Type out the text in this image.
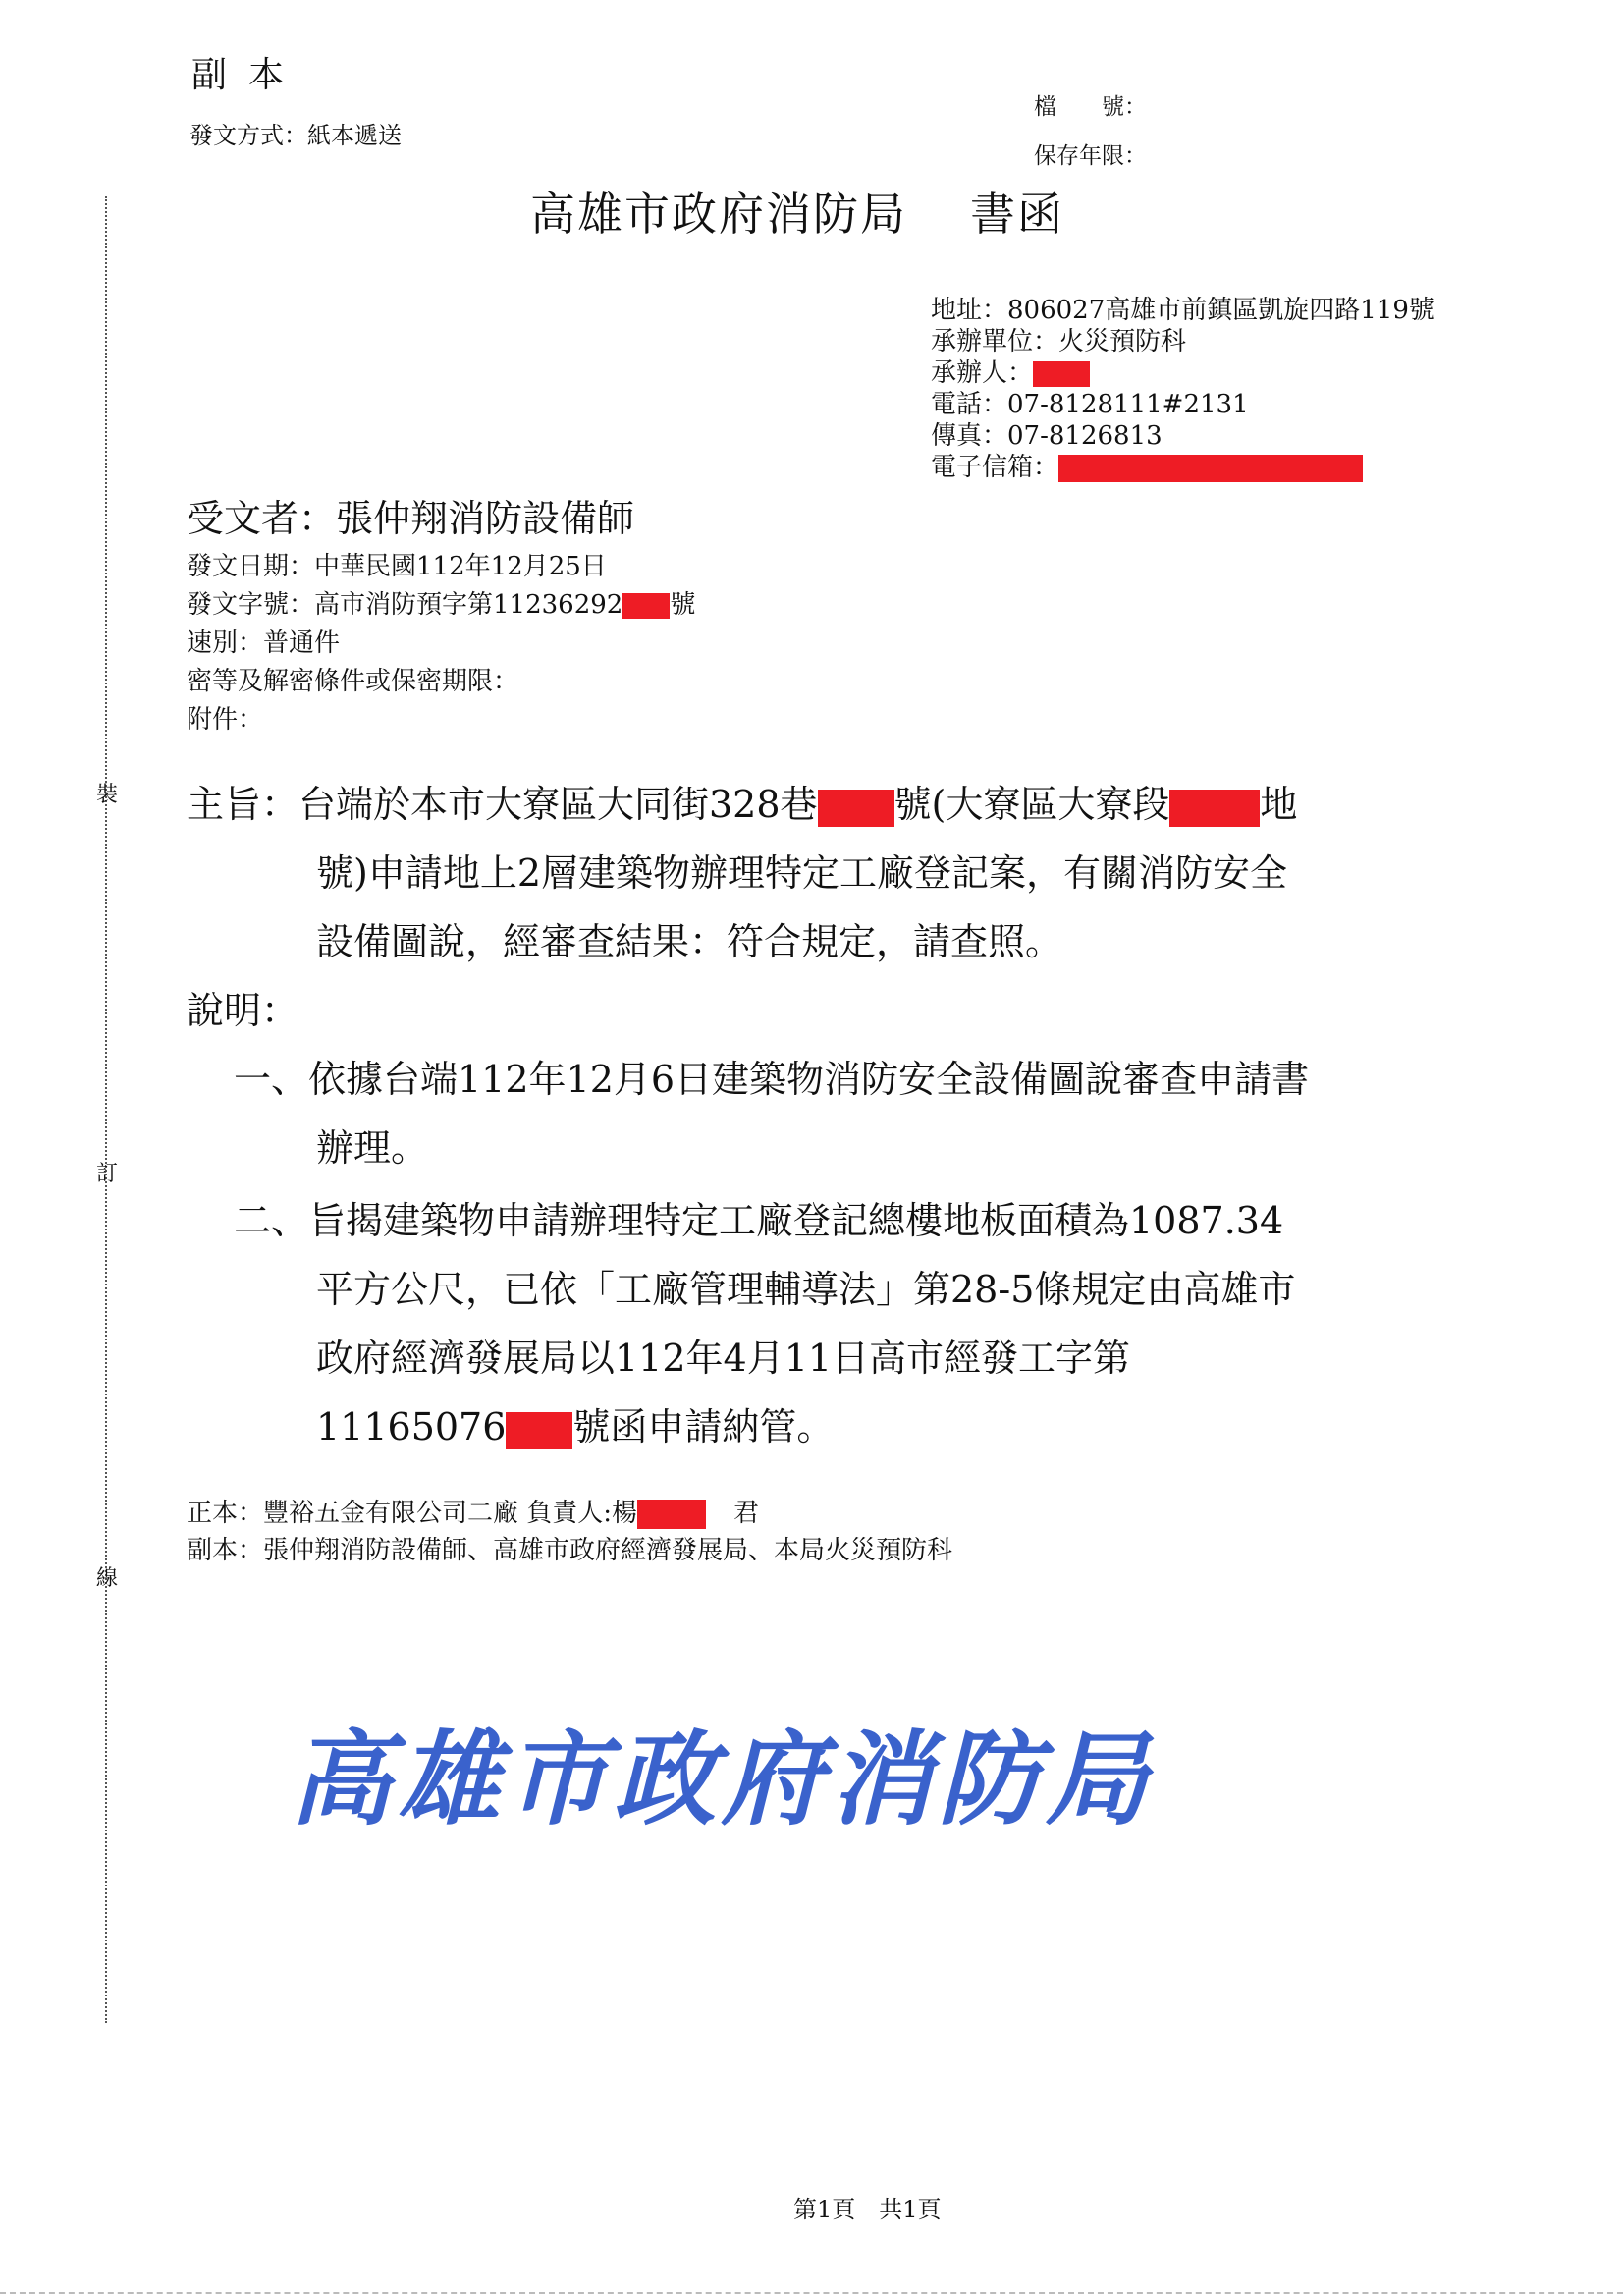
裝
訂
線
副本
發文方式：紙本遞送
檔　　號：
保存年限：
高雄市政府消防局 書函
地址：806027高雄市前鎮區凱旋四路119號
承辦單位：火災預防科
承辦人：
電話：07-8128111#2131
傳真：07-8126813
電子信箱：
受文者：張仲翔消防設備師
發文日期：中華民國112年12月25日
發文字號：高市消防預字第11236292 號
速別：普通件
密等及解密條件或保密期限：
附件：
主旨：台端於本市大寮區大同街328巷 號(大寮區大寮段 地
號)申請地上2層建築物辦理特定工廠登記案，有關消防安全
設備圖說，經審查結果：符合規定，請查照。
說明：
一、依據台端112年12月6日建築物消防安全設備圖說審查申請書
辦理。
二、旨揭建築物申請辦理特定工廠登記總樓地板面積為1087.34
平方公尺，已依「工廠管理輔導法」第28-5條規定由高雄市
政府經濟發展局以112年4月11日高市經發工字第
11165076 號函申請納管。
正本：豐裕五金有限公司二廠 負責人:楊	君
副本：張仲翔消防設備師、高雄市政府經濟發展局、本局火災預防科
高雄市政府消防局
第1頁　共1頁
